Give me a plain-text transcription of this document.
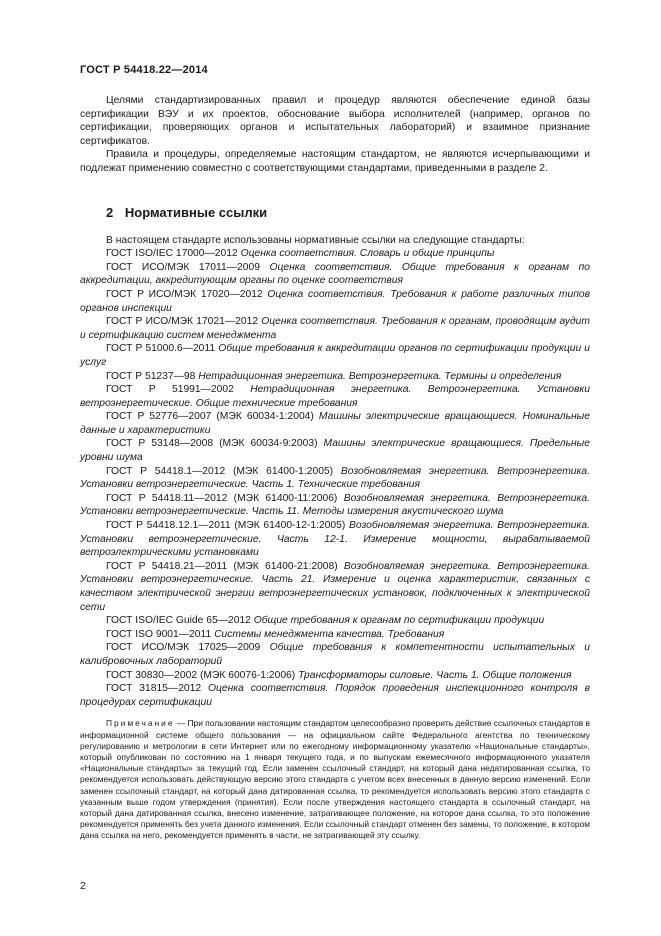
ГОСТ Р 54418.22—2014

Целями стандартизированных правил и процедур являются обеспечение единой базы сертификации ВЭУ и их проектов, обоснование выбора исполнителей (например, органов по сертификации, проверяющих органов и испытательных лабораторий) и взаимное признание сертификатов.

Правила и процедуры, определяемые настоящим стандартом, не являются исчерпывающими и подлежат применению совместно с соответствующими стандартами, приведенными в разделе 2.

2 Нормативные ссылки

В настоящем стандарте использованы нормативные ссылки на следующие стандарты:

ГОСТ ISO/IEC 17000—2012 Оценка соответствия. Словарь и общие принципы

ГОСТ ИСО/МЭК 17011—2009 Оценка соответствия. Общие требования к органам по аккредитации, аккредитующим органы по оценке соответствия

ГОСТ Р ИСО/МЭК 17020—2012 Оценка соответствия. Требования к работе различных типов органов инспекции

ГОСТ Р ИСО/МЭК 17021—2012 Оценка соответствия. Требования к органам, проводящим аудит и сертификацию систем менеджмента

ГОСТ Р 51000.6—2011 Общие требования к аккредитации органов по сертификации продукции и услуг

ГОСТ Р 51237—98 Нетрадиционная энергетика. Ветроэнергетика. Термины и определения

ГОСТ Р 51991—2002 Нетрадиционная энергетика. Ветроэнергетика. Установки ветроэнергетические. Общие технические требования

ГОСТ Р 52776—2007 (МЭК 60034-1:2004) Машины электрические вращающиеся. Номинальные данные и характеристики

ГОСТ Р 53148—2008 (МЭК 60034-9:2003) Машины электрические вращающиеся. Предельные уровни шума

ГОСТ Р 54418.1—2012 (МЭК 61400-1:2005) Возобновляемая энергетика. Ветроэнергетика. Установки ветроэнергетические. Часть 1. Технические требования

ГОСТ Р 54418.11—2012 (МЭК 61400-11:2006) Возобновляемая энергетика. Ветроэнергетика. Установки ветроэнергетические. Часть 11. Методы измерения акустического шума

ГОСТ Р 54418.12.1—2011 (МЭК 61400-12-1:2005) Возобновляемая энергетика. Ветроэнергетика. Установки ветроэнергетические. Часть 12-1. Измерение мощности, вырабатываемой ветроэлектрическими установками

ГОСТ Р 54418.21—2011 (МЭК 61400-21:2008) Возобновляемая энергетика. Ветроэнергетика. Установки ветроэнергетические. Часть 21. Измерение и оценка характеристик, связанных с качеством электрической энергии ветроэнергетических установок, подключенных к электрической сети

ГОСТ ISO/IEC Guide 65—2012 Общие требования к органам по сертификации продукции

ГОСТ ISO 9001—2011 Системы менеджмента качества. Требования

ГОСТ ИСО/МЭК 17025—2009 Общие требования к компетентности испытательных и калибровочных лабораторий

ГОСТ 30830—2002 (МЭК 60076-1:2006) Трансформаторы силовые. Часть 1. Общие положения

ГОСТ 31815—2012 Оценка соответствия. Порядок проведения инспекционного контроля в процедурах сертификации

Примечание — При пользовании настоящим стандартом целесообразно проверить действие ссылочных стандартов в информационной системе общего пользования — на официальном сайте Федерального агентства по техническому регулированию и метрологии в сети Интернет или по ежегодному информационному указателю «Национальные стандарты», который опубликован по состоянию на 1 января текущего года, и по выпускам ежемесячного информационного указателя «Национальные стандарты» за текущий год. Если заменен ссылочный стандарт, на который дана недатированная ссылка, то рекомендуется использовать действующую версию этого стандарта с учетом всех внесенных в данную версию изменений. Если заменен ссылочный стандарт, на который дана датированная ссылка, то рекомендуется использовать версию этого стандарта с указанным выше годом утверждения (принятия). Если после утверждения настоящего стандарта в ссылочный стандарт, на который дана датированная ссылка, внесено изменение, затрагивающее положение, на которое дана ссылка, то это положение рекомендуется применять без учета данного изменения. Если ссылочный стандарт отменен без замены, то положение, в котором дана ссылка на него, рекомендуется применять в части, не затрагивающей эту ссылку.
2
